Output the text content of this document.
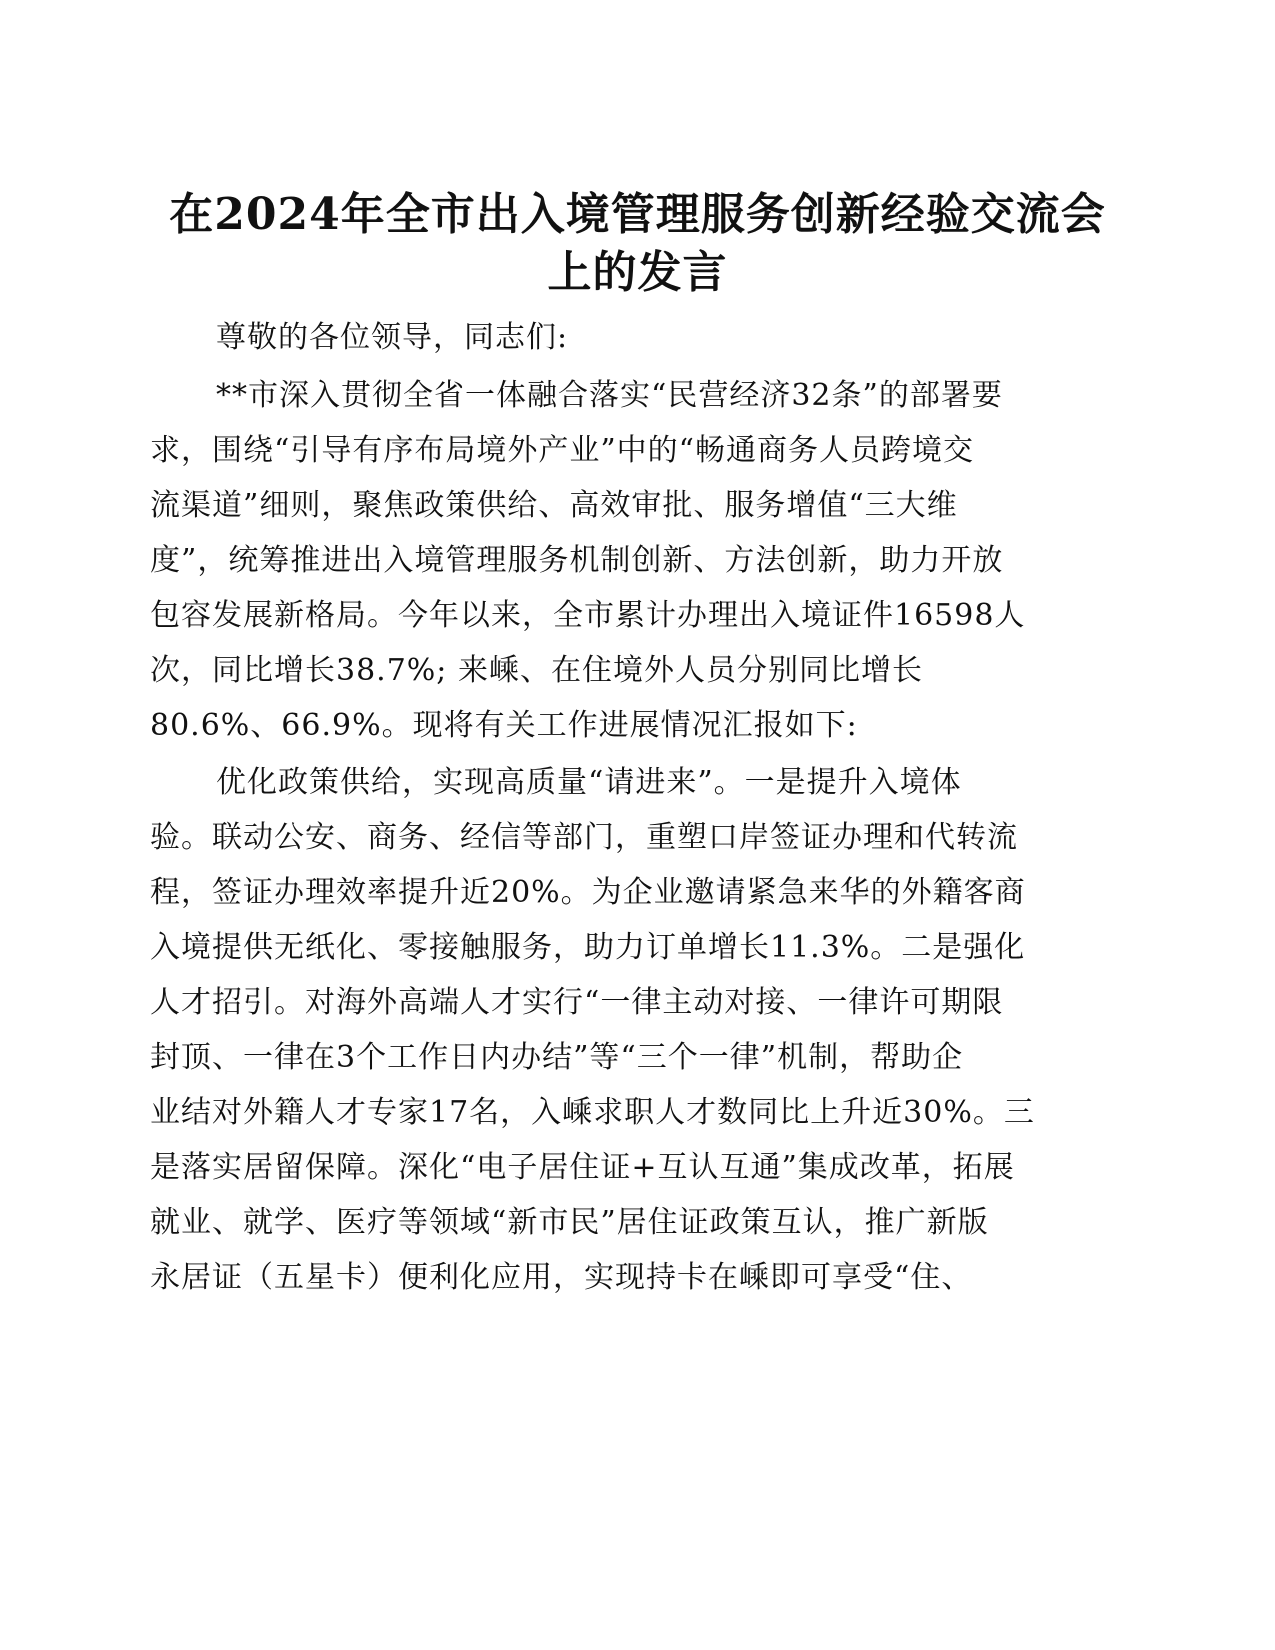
在2024年全市出入境管理服务创新经验交流会
上的发言
尊敬的各位领导，同志们:
**市深入贯彻全省一体融合落实“民营经济32条”的部署要
求，围绕“引导有序布局境外产业”中的“畅通商务人员跨境交
流渠道”细则，聚焦政策供给、高效审批、服务增值“三大维
度”，统筹推进出入境管理服务机制创新、方法创新，助力开放
包容发展新格局。今年以来，全市累计办理出入境证件16598人
次，同比增长38.7%; 来嵊、在住境外人员分别同比增长
80.6%、66.9%。现将有关工作进展情况汇报如下:
优化政策供给，实现高质量“请进来”。一是提升入境体
验。联动公安、商务、经信等部门，重塑口岸签证办理和代转流
程，签证办理效率提升近20%。为企业邀请紧急来华的外籍客商
入境提供无纸化、零接触服务，助力订单增长11.3%。二是强化
人才招引。对海外高端人才实行“一律主动对接、一律许可期限
封顶、一律在3个工作日内办结”等“三个一律”机制，帮助企
业结对外籍人才专家17名，入嵊求职人才数同比上升近30%。三
是落实居留保障。深化“电子居住证+互认互通”集成改革，拓展
就业、就学、医疗等领域“新市民”居住证政策互认，推广新版
永居证（五星卡）便利化应用，实现持卡在嵊即可享受“住、
